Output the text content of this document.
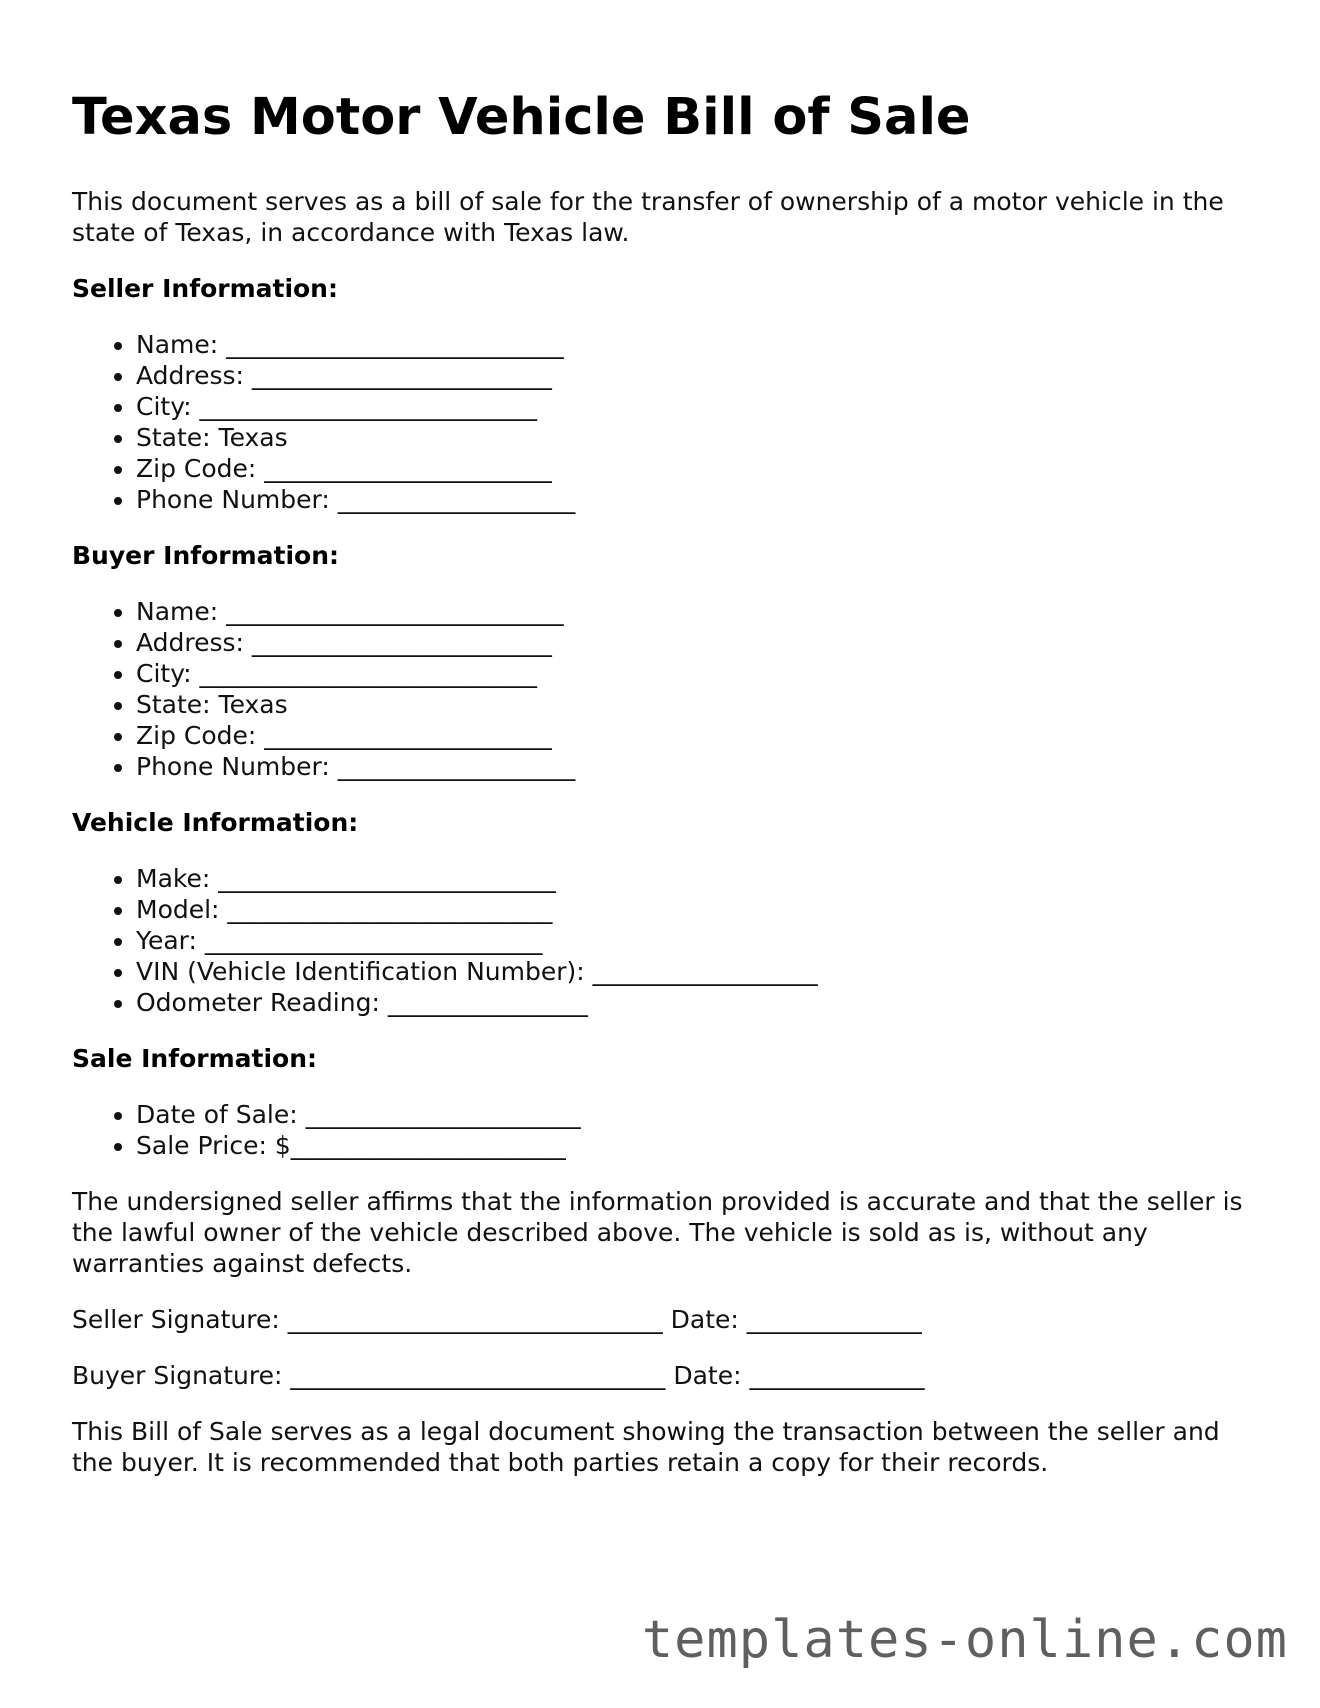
Texas Motor Vehicle Bill of Sale

This document serves as a bill of sale for the transfer of ownership of a motor vehicle in the state of Texas, in accordance with Texas law.

Seller Information:
• Name: ___________________________
• Address: ________________________
• City: ___________________________
• State: Texas
• Zip Code: _______________________
• Phone Number: ___________________
Buyer Information:
• Name: ___________________________
• Address: ________________________
• City: ___________________________
• State: Texas
• Zip Code: _______________________
• Phone Number: ___________________
Vehicle Information:
• Make: ___________________________
• Model: __________________________
• Year: ___________________________
• VIN (Vehicle Identification Number): __________________
• Odometer Reading: ________________
Sale Information:
• Date of Sale: ______________________
• Sale Price: $______________________

The undersigned seller affirms that the information provided is accurate and that the seller is the lawful owner of the vehicle described above. The vehicle is sold as is, without any warranties against defects.

Seller Signature: ______________________________ Date: ______________
Buyer Signature: ______________________________ Date: ______________

This Bill of Sale serves as a legal document showing the transaction between the seller and the buyer. It is recommended that both parties retain a copy for their records.

templates-online.com
